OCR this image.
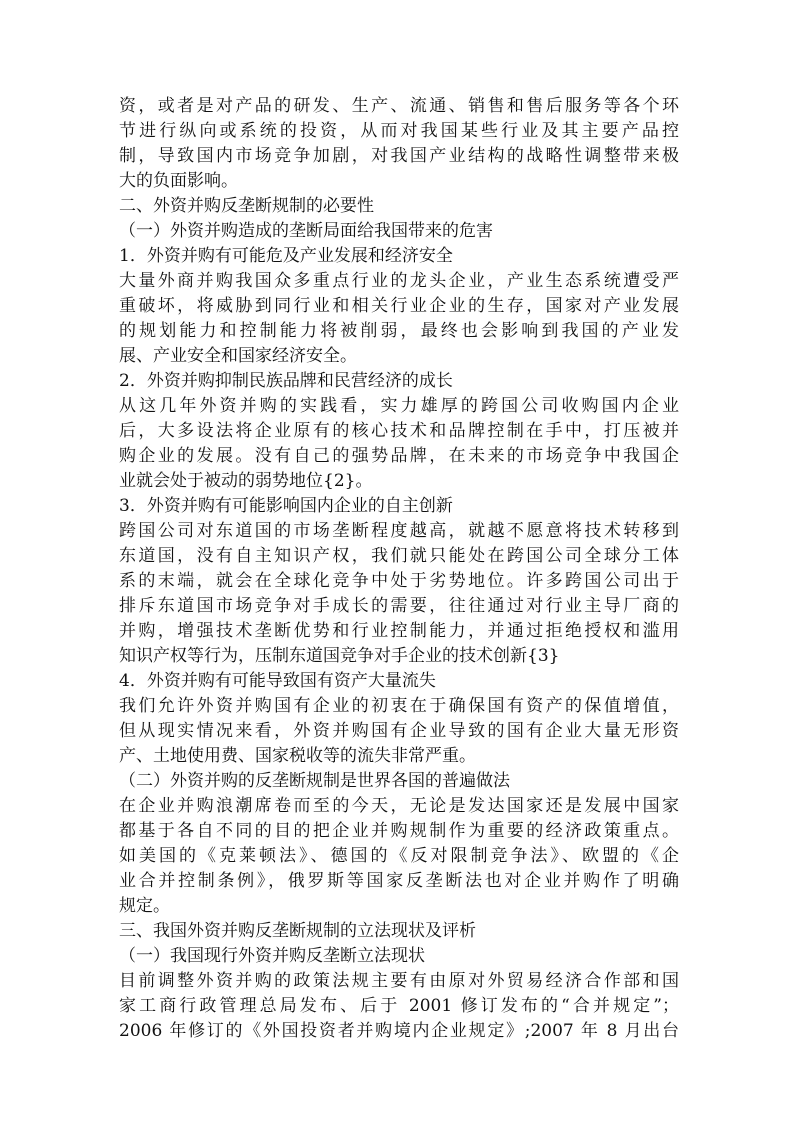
资，或者是对产品的研发、生产、流通、销售和售后服务等各个环
节进行纵向或系统的投资，从而对我国某些行业及其主要产品控
制，导致国内市场竞争加剧，对我国产业结构的战略性调整带来极
大的负面影响。
二、外资并购反垄断规制的必要性
（一）外资并购造成的垄断局面给我国带来的危害
1．外资并购有可能危及产业发展和经济安全
大量外商并购我国众多重点行业的龙头企业，产业生态系统遭受严
重破坏，将威胁到同行业和相关行业企业的生存，国家对产业发展
的规划能力和控制能力将被削弱，最终也会影响到我国的产业发
展、产业安全和国家经济安全。
2．外资并购抑制民族品牌和民营经济的成长
从这几年外资并购的实践看，实力雄厚的跨国公司收购国内企业
后，大多设法将企业原有的核心技术和品牌控制在手中，打压被并
购企业的发展。没有自己的强势品牌，在未来的市场竞争中我国企
业就会处于被动的弱势地位{2}。
3．外资并购有可能影响国内企业的自主创新
跨国公司对东道国的市场垄断程度越高，就越不愿意将技术转移到
东道国，没有自主知识产权，我们就只能处在跨国公司全球分工体
系的末端，就会在全球化竞争中处于劣势地位。许多跨国公司出于
排斥东道国市场竞争对手成长的需要，往往通过对行业主导厂商的
并购，增强技术垄断优势和行业控制能力，并通过拒绝授权和滥用
知识产权等行为，压制东道国竞争对手企业的技术创新{3}
4．外资并购有可能导致国有资产大量流失
我们允许外资并购国有企业的初衷在于确保国有资产的保值增值，
但从现实情况来看，外资并购国有企业导致的国有企业大量无形资
产、土地使用费、国家税收等的流失非常严重。
（二）外资并购的反垄断规制是世界各国的普遍做法
在企业并购浪潮席卷而至的今天，无论是发达国家还是发展中国家
都基于各自不同的目的把企业并购规制作为重要的经济政策重点。
如美国的《克莱顿法》、德国的《反对限制竞争法》、欧盟的《企
业合并控制条例》，俄罗斯等国家反垄断法也对企业并购作了明确
规定。
三、我国外资并购反垄断规制的立法现状及评析
（一）我国现行外资并购反垄断立法现状
目前调整外资并购的政策法规主要有由原对外贸易经济合作部和国
家工商行政管理总局发布、后于 2001 修订发布的“合并规定”；
2006 年修订的《外国投资者并购境内企业规定》;2007 年 8 月出台
